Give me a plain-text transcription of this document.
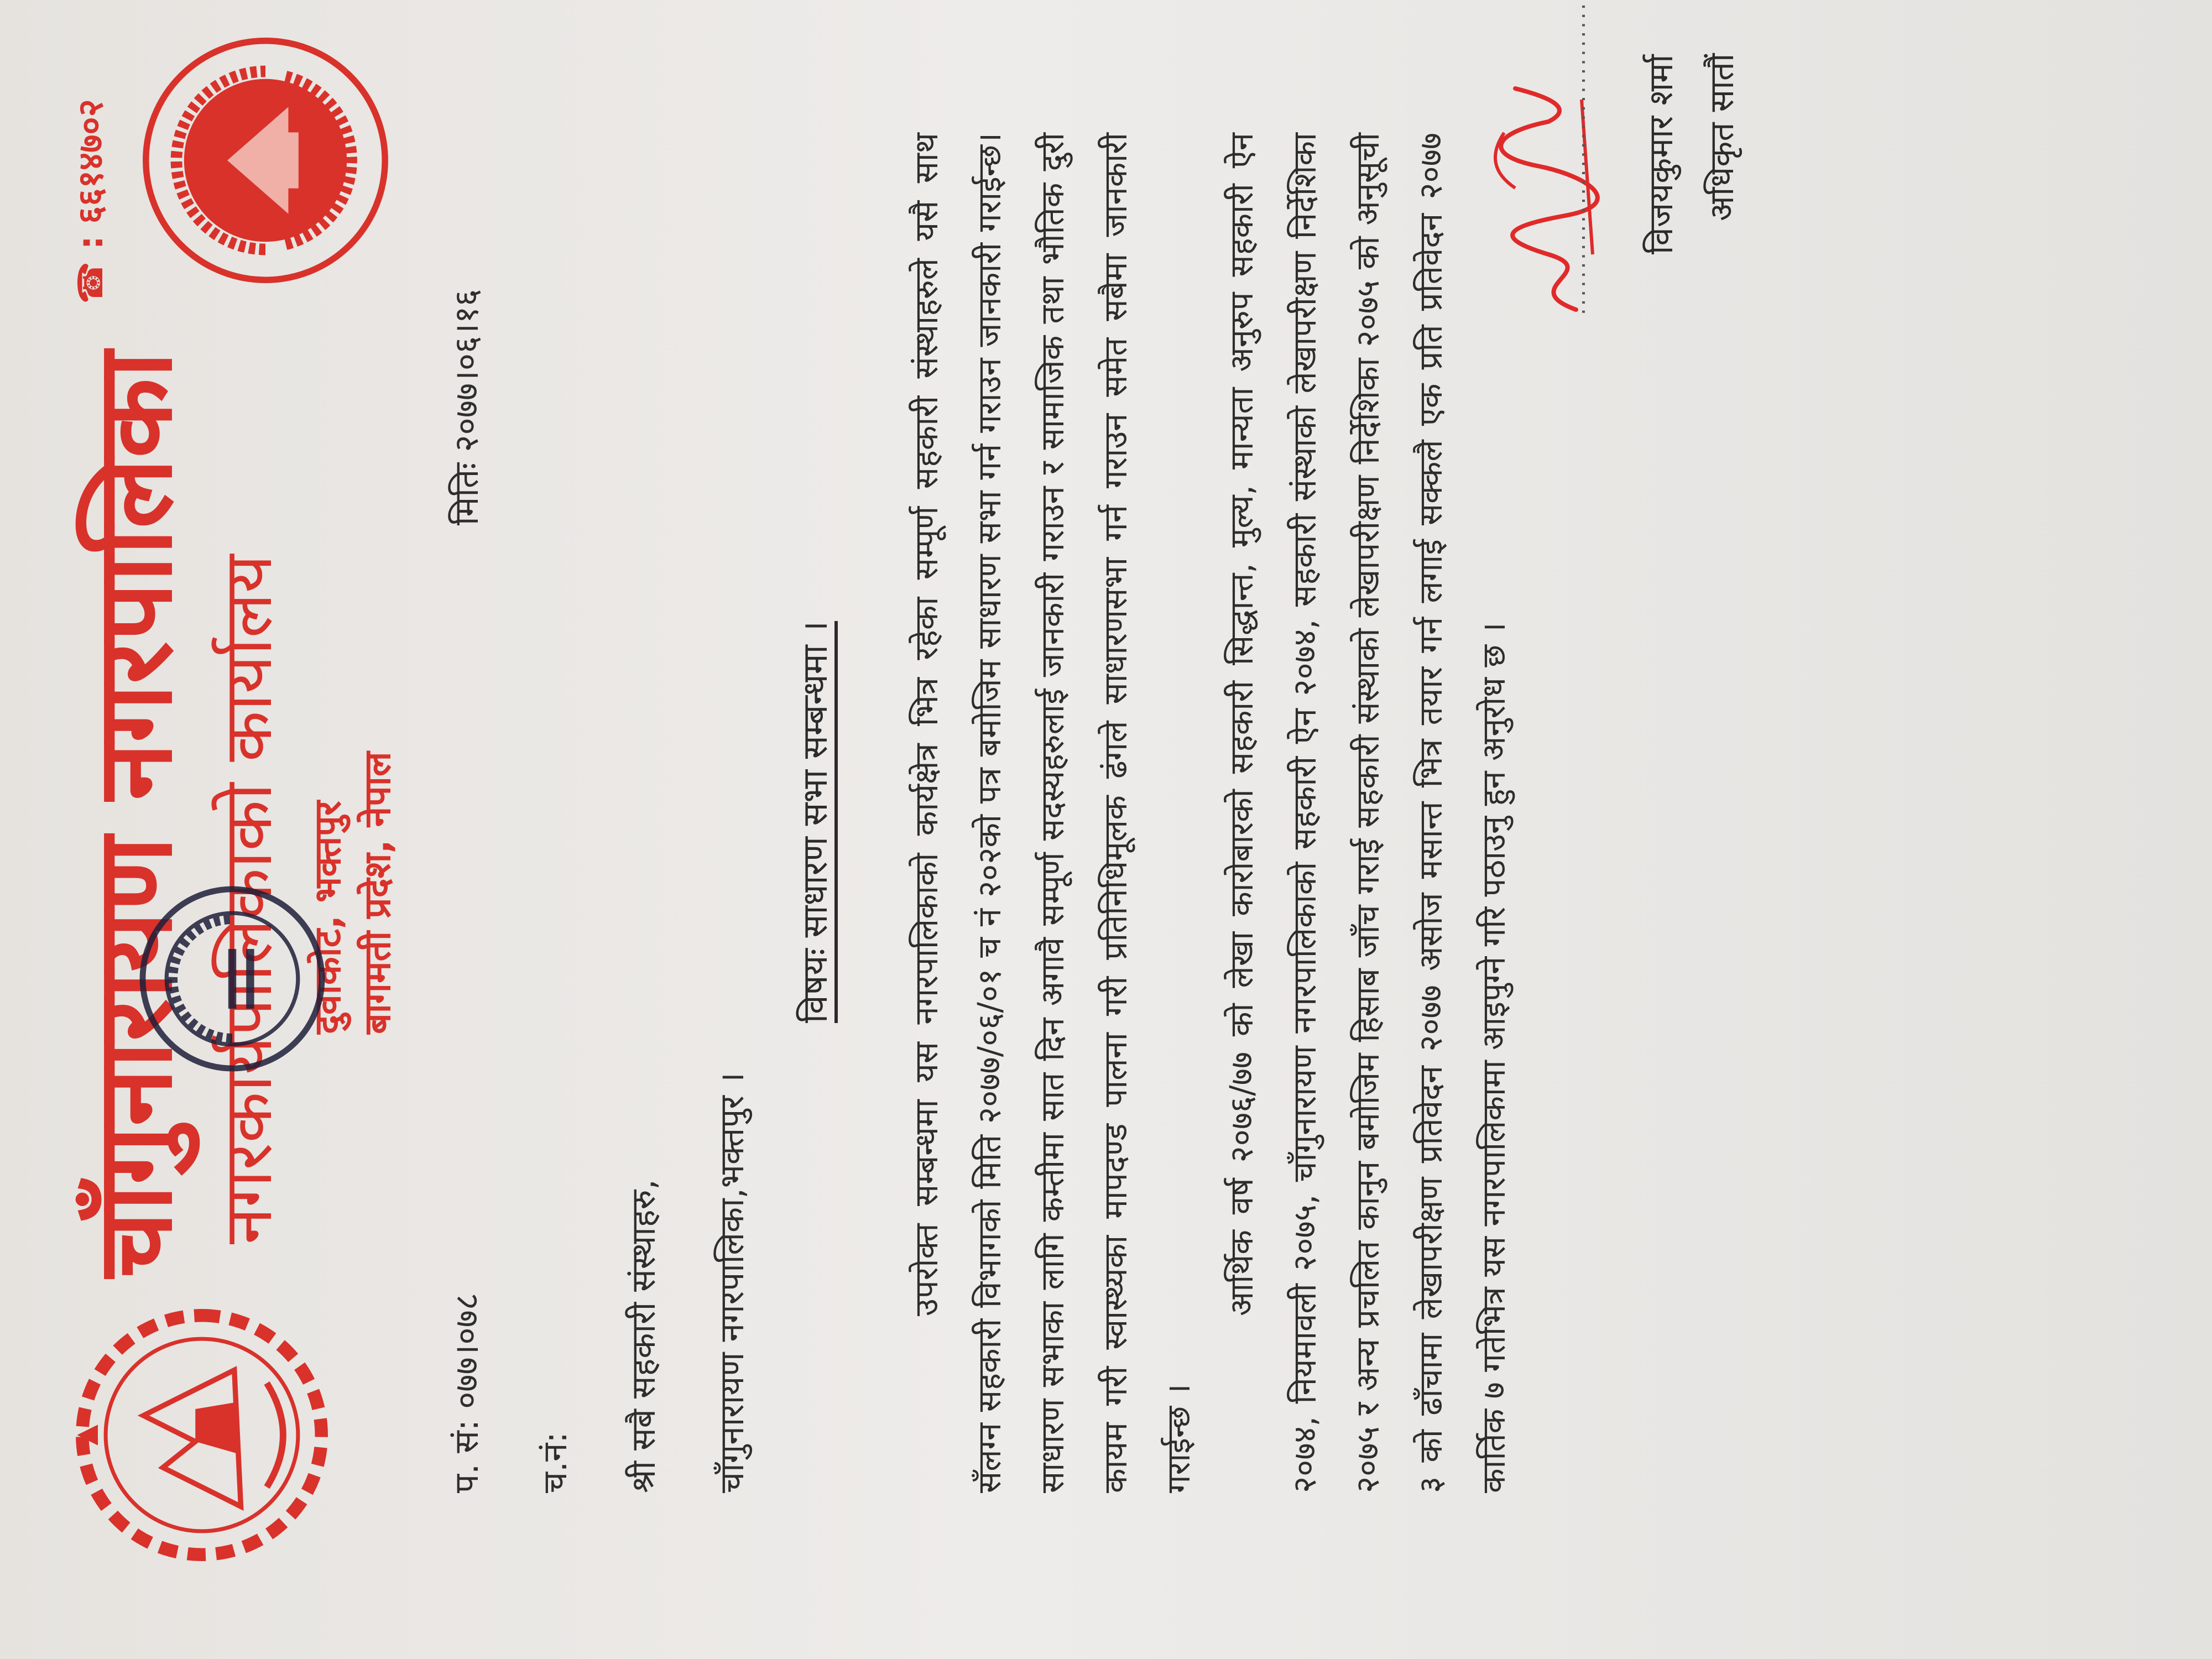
चाँगुनारायण नगरपालिका नगरकार्यपालिकाको कार्यालय दुवाकोट, भक्तपुर बागमती प्रदेश, नेपाल
☎ : ६६१४७०२
प. सं: ०७७।०७८
च.नं:
मितिः २०७७।०६।१६
श्री सबै सहकारी संस्थाहरु, चाँगुनारायण नगरपालिका,भक्तपुर ।
विषयः साधारण सभा सम्बन्धमा ।	उपरोक्त सम्बन्धमा यस नगरपालिकाको कार्यक्षेत्र भित्र रहेका सम्पूर्ण सहकारी संस्थाहरुले यसै साथ सँलग्न सहकारी विभागको मिति २०७७/०६/०१ च नं २०२को पत्र बमोजिम साधारण सभा गर्न गराउन जानकारी गराईन्छ। साधारण सभाका लागि कम्तीमा सात दिन अगावै सम्पूर्ण सदस्यहरुलाई जानकारी गराउन र सामाजिक तथा भौतिक दुरी कायम गरी स्वास्थ्यका मापदण्ड पालना गरी प्रतिनिधिमूलक ढंगले साधारणसभा गर्न गराउन समेत सबैमा जानकारी गराईन्छ ।

आर्थिक वर्ष २०७६/७७ को लेखा कारोबारको सहकारी सिद्धान्त, मुल्य, मान्यता अनुरुप सहकारी ऐन २०७४, नियमावली २०७५, चाँगुनारायण नगरपालिकाको सहकारी ऐन २०७४, सहकारी संस्थाको लेखापरीक्षण निर्देशिका २०७५ र अन्य प्रचलित कानुन बमोजिम हिसाब जाँच गराई सहकारी संस्थाको लेखापरीक्षण निर्देशिका २०७५ को अनुसूची ३ को ढाँचामा लेखापरीक्षण प्रतिवेदन २०७७ असोज मसान्त भित्र तयार गर्न लगाई सक्कलै एक प्रति प्रतिवेदन २०७७ कार्तिक ७ गतेभित्र यस नगरपालिकामा आइपुग्ने गरि पठाउनु हुन अनुरोध छ ।

.................................. विजयकुमार शर्मा अधिकृत सातौं
